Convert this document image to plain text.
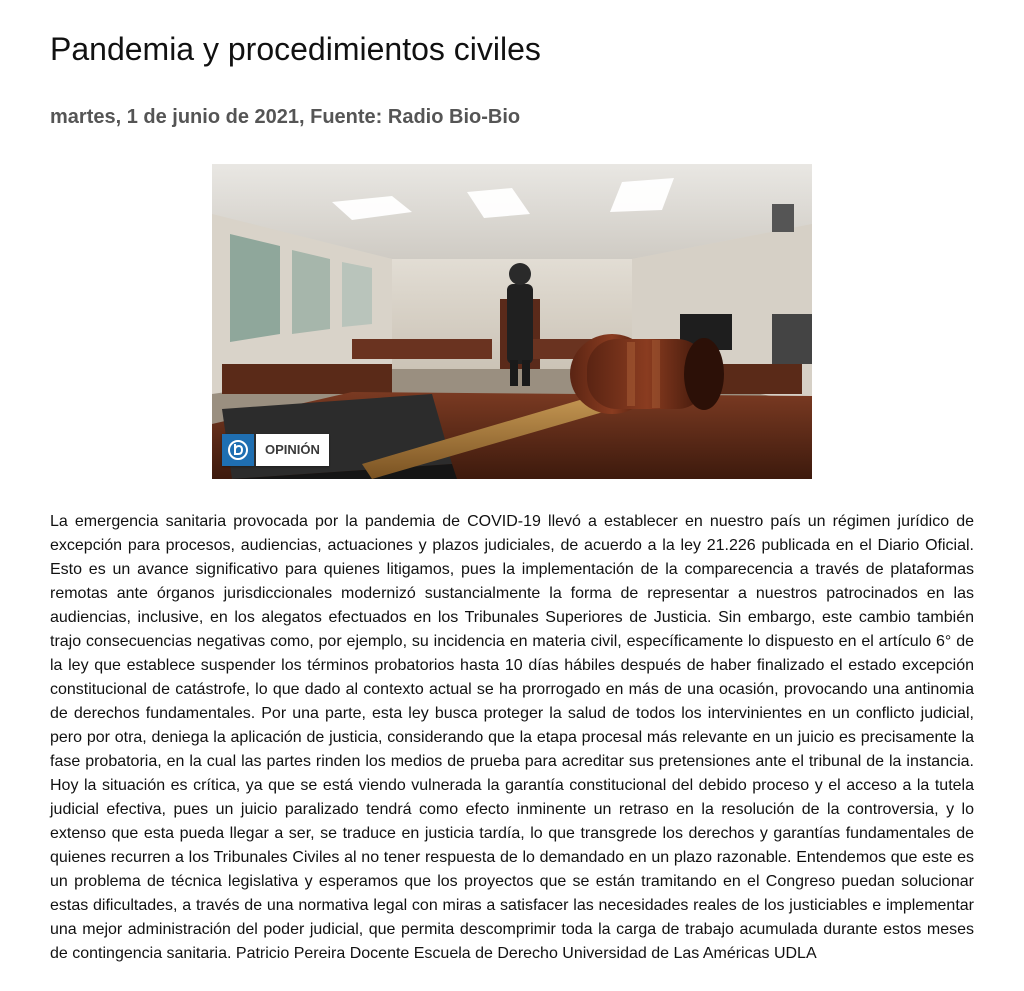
Pandemia y procedimientos civiles
martes, 1 de junio de 2021, Fuente: Radio Bio-Bio
OPINIÓN

La emergencia sanitaria provocada por la pandemia de COVID-19 llevó a establecer en nuestro país un régimen jurídico de excepción para procesos, audiencias, actuaciones y plazos judiciales, de acuerdo a la ley 21.226 publicada en el Diario Oficial. Esto es un avance significativo para quienes litigamos, pues la implementación de la comparecencia a través de plataformas remotas ante órganos jurisdiccionales modernizó sustancialmente la forma de representar a nuestros patrocinados en las audiencias, inclusive, en los alegatos efectuados en los Tribunales Superiores de Justicia. Sin embargo, este cambio también trajo consecuencias negativas como, por ejemplo, su incidencia en materia civil, específicamente lo dispuesto en el artículo 6° de la ley que establece suspender los términos probatorios hasta 10 días hábiles después de haber finalizado el estado excepción constitucional de catástrofe, lo que dado al contexto actual se ha prorrogado en más de una ocasión, provocando una antinomia de derechos fundamentales. Por una parte, esta ley busca proteger la salud de todos los intervinientes en un conflicto judicial, pero por otra, deniega la aplicación de justicia, considerando que la etapa procesal más relevante en un juicio es precisamente la fase probatoria, en la cual las partes rinden los medios de prueba para acreditar sus pretensiones ante el tribunal de la instancia. Hoy la situación es crítica, ya que se está viendo vulnerada la garantía constitucional del debido proceso y el acceso a la tutela judicial efectiva, pues un juicio paralizado tendrá como efecto inminente un retraso en la resolución de la controversia, y lo extenso que esta pueda llegar a ser, se traduce en justicia tardía, lo que transgrede los derechos y garantías fundamentales de quienes recurren a los Tribunales Civiles al no tener respuesta de lo demandado en un plazo razonable. Entendemos que este es un problema de técnica legislativa y esperamos que los proyectos que se están tramitando en el Congreso puedan solucionar estas dificultades, a través de una normativa legal con miras a satisfacer las necesidades reales de los justiciables e implementar una mejor administración del poder judicial, que permita descomprimir toda la carga de trabajo acumulada durante estos meses de contingencia sanitaria. Patricio Pereira Docente Escuela de Derecho Universidad de Las Américas UDLA
